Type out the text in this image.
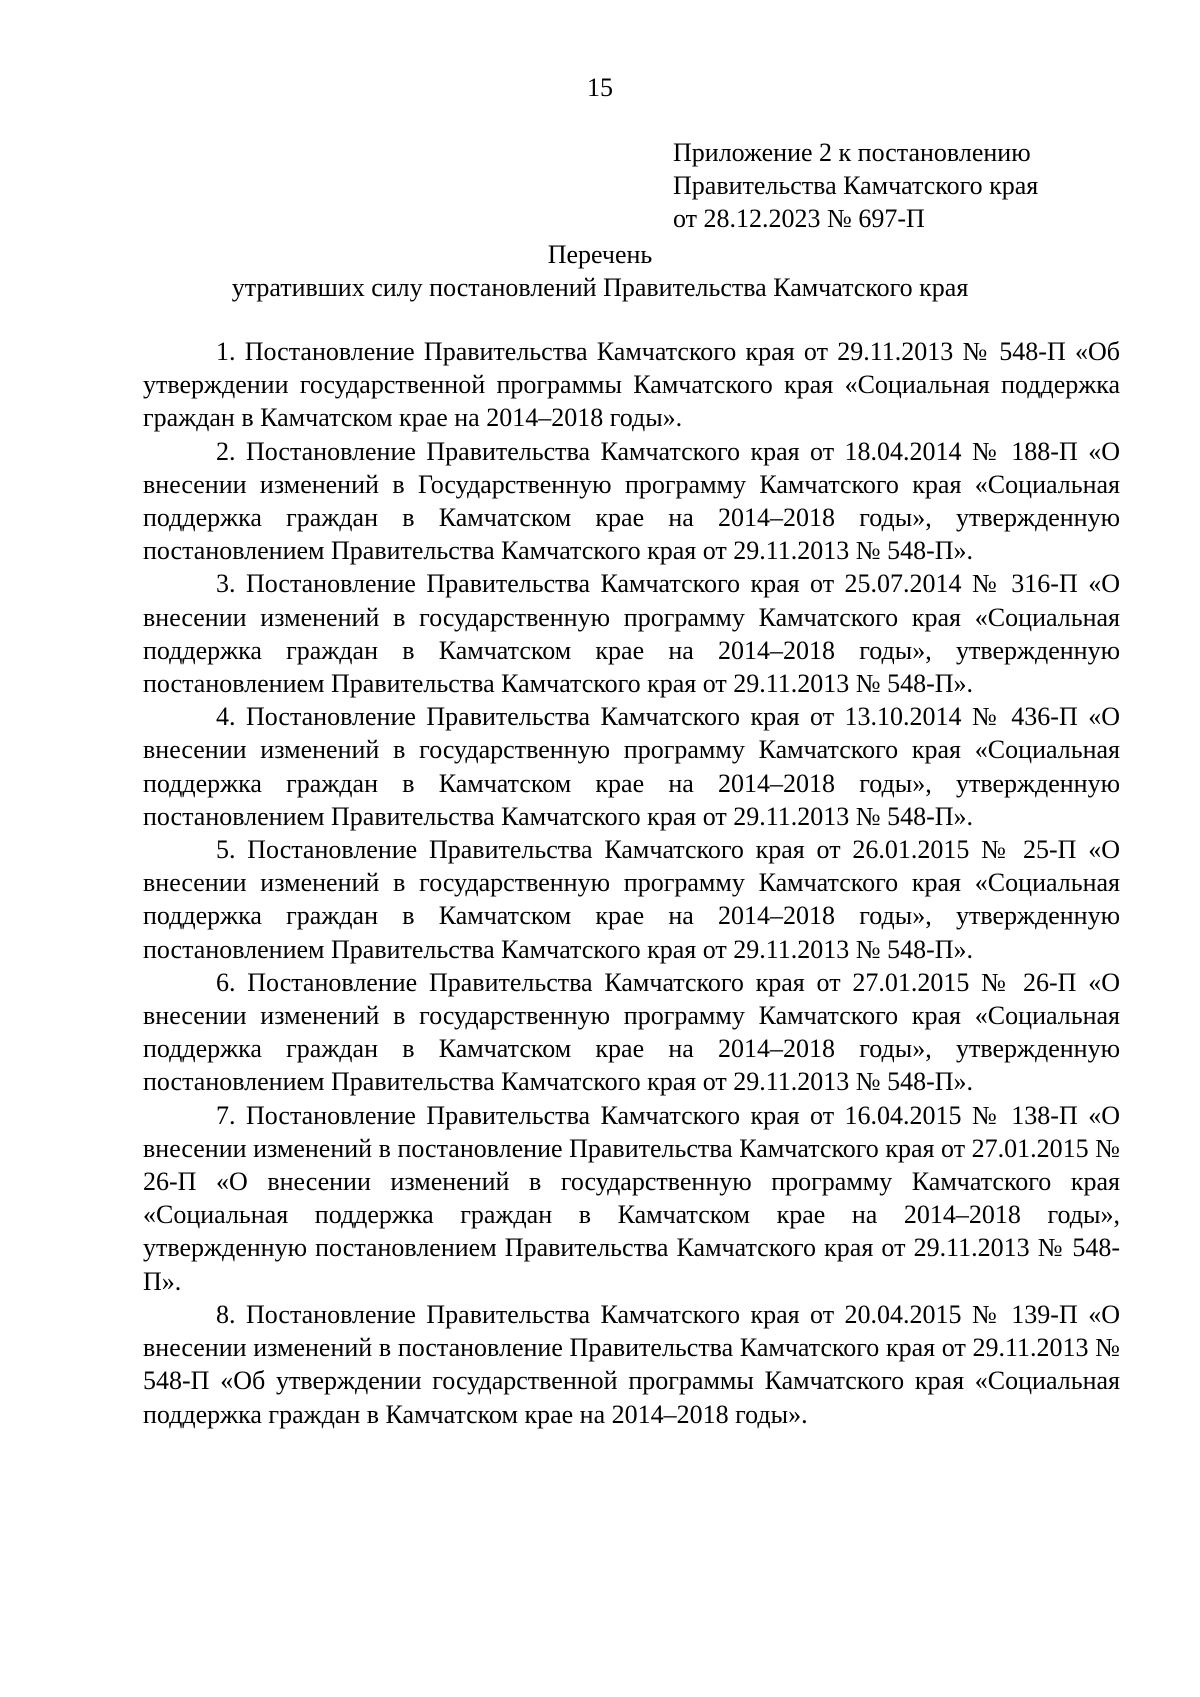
15
Приложение 2 к постановлению
Правительства Камчатского края
от 28.12.2023 № 697-П
Перечень
утративших силу постановлений Правительства Камчатского края

1. Постановление Правительства Камчатского края от 29.11.2013 № 548-П «Об утверждении государственной программы Камчатского края «Социальная поддержка граждан в Камчатском крае на 2014–2018 годы».

2. Постановление Правительства Камчатского края от 18.04.2014 № 188-П «О внесении изменений в Государственную программу Камчатского края «Социальная поддержка граждан в Камчатском крае на 2014–2018 годы», утвержденную постановлением Правительства Камчатского края от 29.11.2013 № 548-П».

3. Постановление Правительства Камчатского края от 25.07.2014 № 316-П «О внесении изменений в государственную программу Камчатского края «Социальная поддержка граждан в Камчатском крае на 2014–2018 годы», утвержденную постановлением Правительства Камчатского края от 29.11.2013 № 548-П».

4. Постановление Правительства Камчатского края от 13.10.2014 № 436-П «О внесении изменений в государственную программу Камчатского края «Социальная поддержка граждан в Камчатском крае на 2014–2018 годы», утвержденную постановлением Правительства Камчатского края от 29.11.2013 № 548-П».

5. Постановление Правительства Камчатского края от 26.01.2015 № 25-П «О внесении изменений в государственную программу Камчатского края «Социальная поддержка граждан в Камчатском крае на 2014–2018 годы», утвержденную постановлением Правительства Камчатского края от 29.11.2013 № 548-П».

6. Постановление Правительства Камчатского края от 27.01.2015 № 26-П «О внесении изменений в государственную программу Камчатского края «Социальная поддержка граждан в Камчатском крае на 2014–2018 годы», утвержденную постановлением Правительства Камчатского края от 29.11.2013 № 548-П».

7. Постановление Правительства Камчатского края от 16.04.2015 № 138-П «О внесении изменений в постановление Правительства Камчатского края от 27.01.2015 № 26-П «О внесении изменений в государственную программу Камчатского края «Социальная поддержка граждан в Камчатском крае на 2014–2018 годы», утвержденную постановлением Правительства Камчатского края от 29.11.2013 № 548-П».

8. Постановление Правительства Камчатского края от 20.04.2015 № 139-П «О внесении изменений в постановление Правительства Камчатского края от 29.11.2013 № 548-П «Об утверждении государственной программы Камчатского края «Социальная поддержка граждан в Камчатском крае на 2014–2018 годы».
